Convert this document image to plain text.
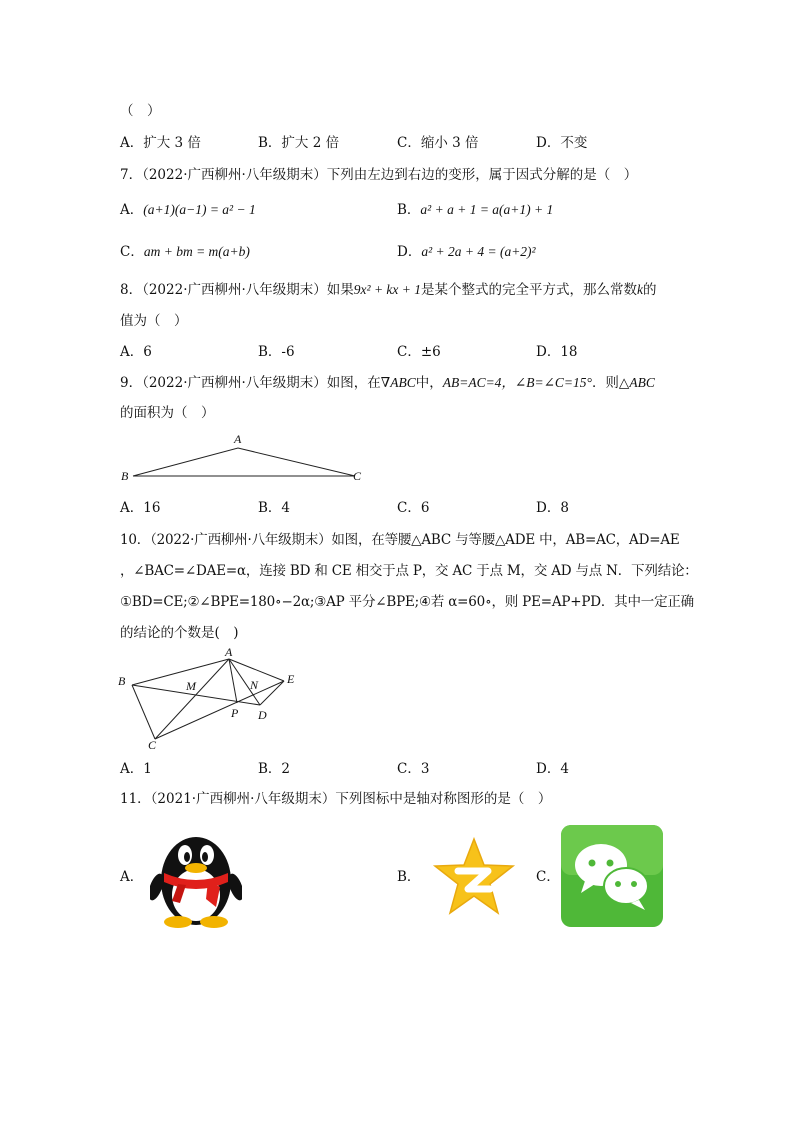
（　）
A．扩大 3 倍	B．扩大 2 倍	C．缩小 3 倍	D．不变
7．（2022·广西柳州·八年级期末）下列由左边到右边的变形，属于因式分解的是（　）
A．(a+1)(a−1) = a² − 1	B．a² + a + 1 = a(a+1) + 1
C．am + bm = m(a+b)	D．a² + 2a + 4 = (a+2)²
8．（2022·广西柳州·八年级期末）如果9x² + kx + 1是某个整式的完全平方式，那么常数k的
值为（　）
A．6	B．-6	C．±6	D．18
9．（2022·广西柳州·八年级期末）如图，在∇ABC中，AB=AC=4，∠B=∠C=15°．则△ABC
的面积为（　）
A
B	C
A．16	B．4	C．6	D．8
10．（2022·广西柳州·八年级期末）如图，在等腰△ABC 与等腰△ADE 中，AB=AC，AD=AE
，∠BAC=∠DAE=α，连接 BD 和 CE 相交于点 P，交 AC 于点 M，交 AD 与点 N．下列结论：
①BD=CE;②∠BPE=180∘−2α;③AP 平分∠BPE;④若 α=60∘，则 PE=AP+PD．其中一定正确
的结论的个数是(　)
A
B
C
D
E
M	N
P
A．1	B．2	C．3	D．4
11．（2021·广西柳州·八年级期末）下列图标中是轴对称图形的是（　）
A．	B．	C．
